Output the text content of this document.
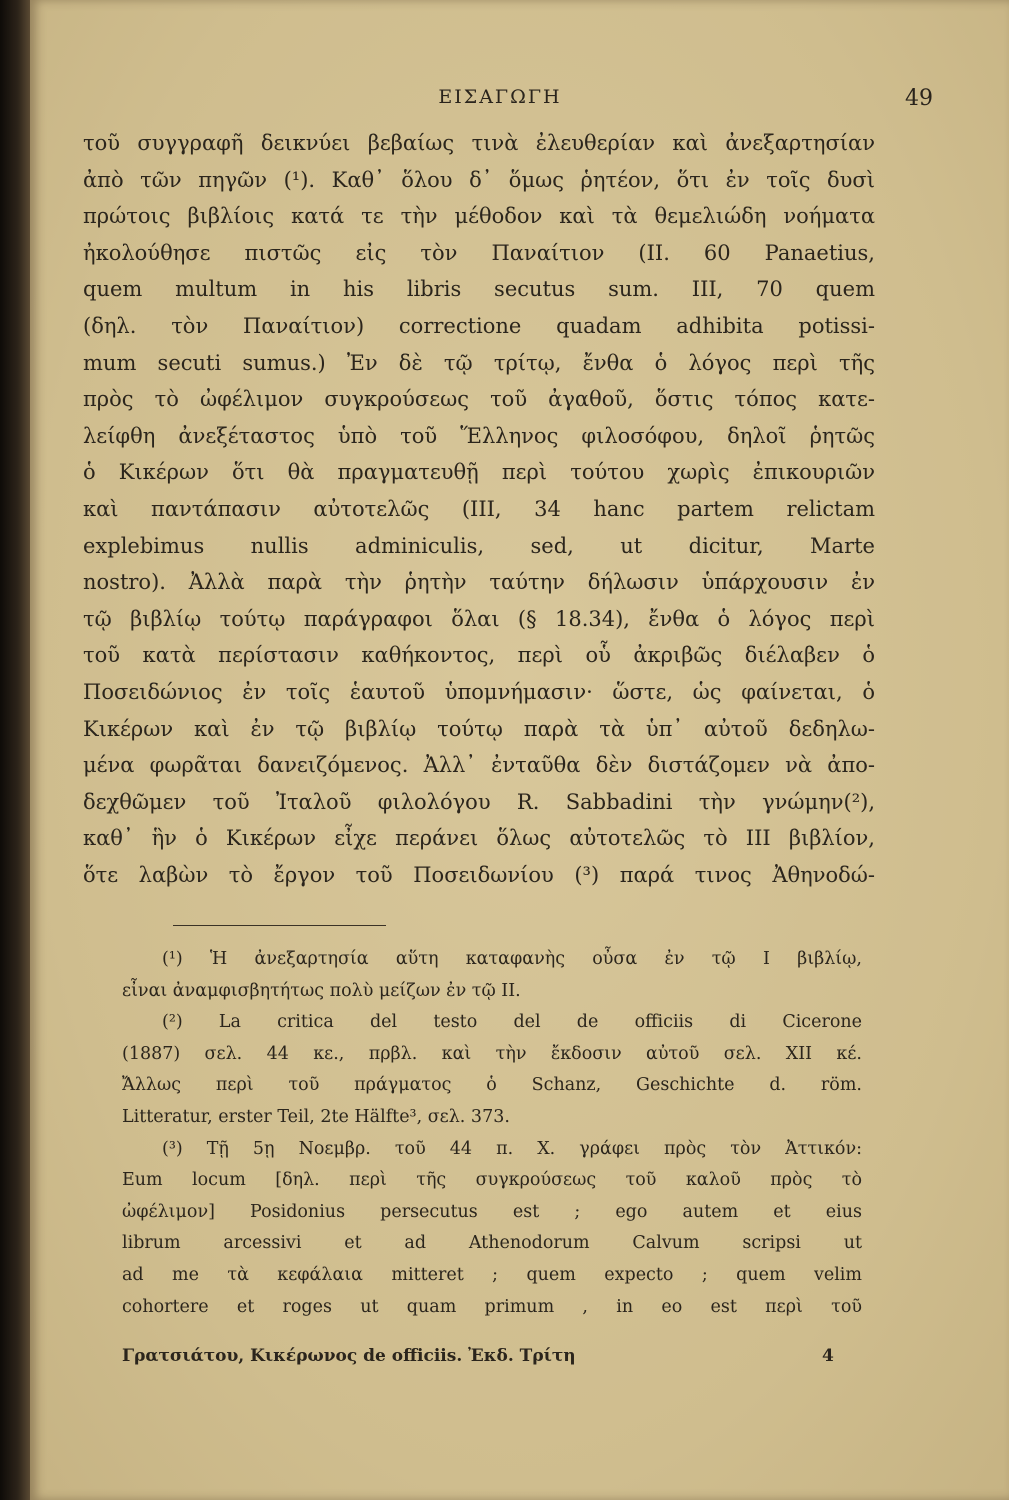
ΕΙΣΑΓΩΓΗ	49
τοῦ συγγραφῆ δεικνύει βεβαίως τινὰ ἐλευθερίαν καὶ ἀνεξαρτησίαν
ἀπὸ τῶν πηγῶν (¹). Καθ᾽ ὅλου δ᾽ ὅμως ῥητέον, ὅτι ἐν τοῖς δυσὶ
πρώτοις βιβλίοις κατά τε τὴν μέθοδον καὶ τὰ θεμελιώδη νοήματα
ἠκολούθησε πιστῶς εἰς τὸν Παναίτιον (ΙΙ. 60 Panaetius,
quem multum in his libris secutus sum. III, 70 quem
(δηλ. τὸν Παναίτιον) correctione quadam adhibita potissi-
mum secuti sumus.) Ἐν δὲ τῷ τρίτῳ, ἔνθα ὁ λόγος περὶ τῆς
πρὸς τὸ ὠφέλιμον συγκρούσεως τοῦ ἀγαθοῦ, ὅστις τόπος κατε-
λείφθη ἀνεξέταστος ὑπὸ τοῦ Ἕλληνος φιλοσόφου, δηλοῖ ῥητῶς
ὁ Κικέρων ὅτι θὰ πραγματευθῇ περὶ τούτου χωρὶς ἐπικουριῶν
καὶ παντάπασιν αὐτοτελῶς (ΙΙΙ, 34 hanc partem relictam
explebimus nullis adminiculis, sed, ut dicitur, Marte
nostro). Ἀλλὰ παρὰ τὴν ῥητὴν ταύτην δήλωσιν ὑπάρχουσιν ἐν
τῷ βιβλίῳ τούτῳ παράγραφοι ὅλαι (§ 18.34), ἔνθα ὁ λόγος περὶ
τοῦ κατὰ περίστασιν καθήκοντος, περὶ οὗ ἀκριβῶς διέλαβεν ὁ
Ποσειδώνιος ἐν τοῖς ἑαυτοῦ ὑπομνήμασιν· ὥστε, ὡς φαίνεται, ὁ
Κικέρων καὶ ἐν τῷ βιβλίῳ τούτῳ παρὰ τὰ ὑπ᾽ αὐτοῦ δεδηλω-
μένα φωρᾶται δανειζόμενος. Ἀλλ᾽ ἐνταῦθα δὲν διστάζομεν νὰ ἀπο-
δεχθῶμεν τοῦ Ἰταλοῦ φιλολόγου R. Sabbadini τὴν γνώμην(²),
καθ᾽ ἣν ὁ Κικέρων εἶχε περάνει ὅλως αὐτοτελῶς τὸ ΙΙΙ βιβλίον,
ὅτε λαβὼν τὸ ἔργον τοῦ Ποσειδωνίου (³) παρά τινος Ἀθηνοδώ-
(¹) Ἡ ἀνεξαρτησία αὕτη καταφανὴς οὖσα ἐν τῷ Ι βιβλίῳ,
εἶναι ἀναμφισβητήτως πολὺ μείζων ἐν τῷ ΙΙ.
(²) La critica del testo del de officiis di Cicerone
(1887) σελ. 44 κε., πρβλ. καὶ τὴν ἔκδοσιν αὐτοῦ σελ. ΧΙΙ κέ.
Ἄλλως περὶ τοῦ πράγματος ὁ Schanz, Geschichte d. röm.
Litteratur, erster Teil, 2te Hälfte³, σελ. 373.
(³) Τῇ 5ῃ Νοεμβρ. τοῦ 44 π. Χ. γράφει πρὸς τὸν Ἀττικόν:
Eum locum [δηλ. περὶ τῆς συγκρούσεως τοῦ καλοῦ πρὸς τὸ
ὠφέλιμον] Posidonius persecutus est ; ego autem et eius
librum arcessivi et ad Athenodorum Calvum scripsi ut
ad me τὰ κεφάλαια mitteret ; quem expecto ; quem velim
cohortere et roges ut quam primum , in eo est περὶ τοῦ
Γρατσιάτου, Κικέρωνος de officiis. Ἐκδ. Τρίτη	4
